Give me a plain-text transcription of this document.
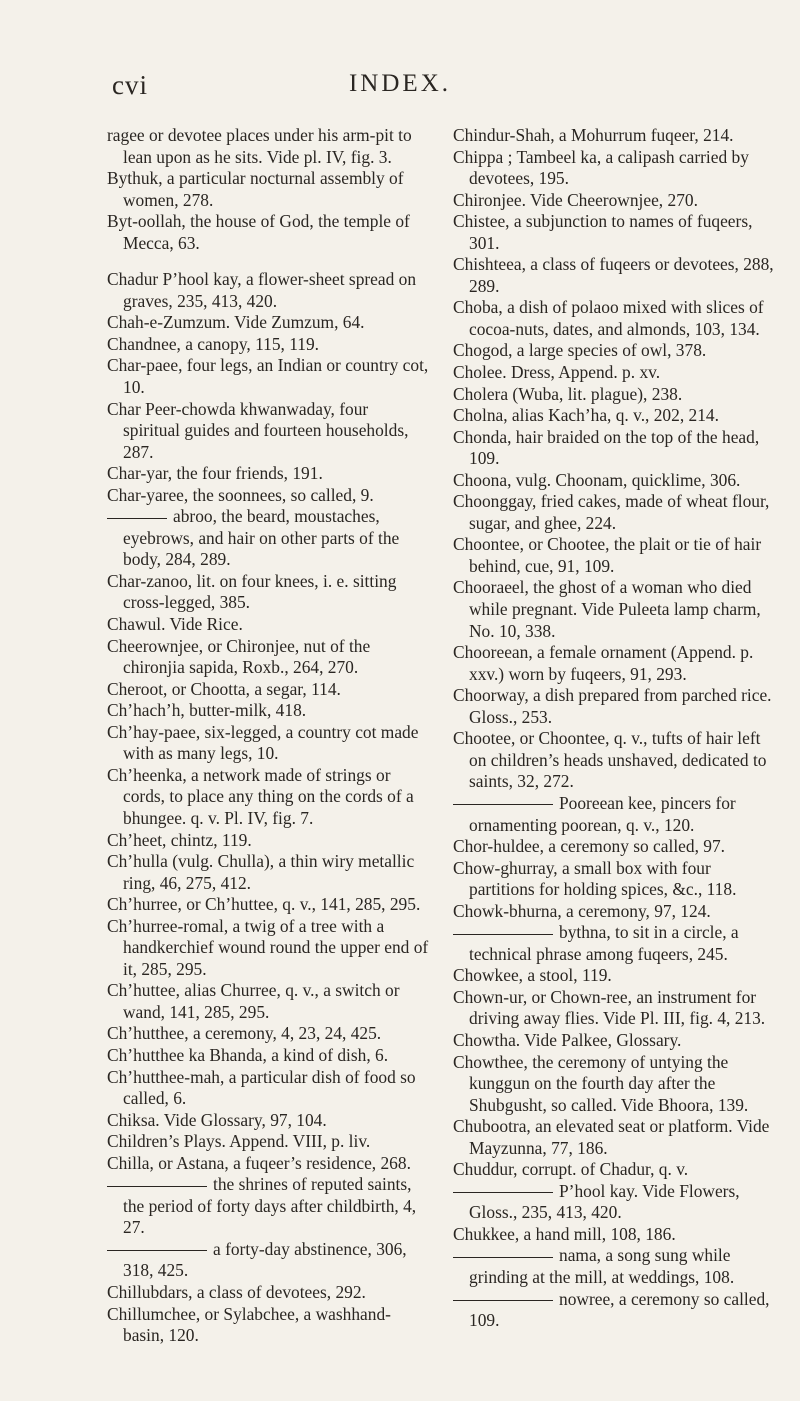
cvi	INDEX.

ragee or devotee places under his arm-pit to lean upon as he sits. Vide pl. IV, fig. 3.

Bythuk, a particular nocturnal assembly of women, 278.

Byt-oollah, the house of God, the temple of Mecca, 63.

Chadur P’hool kay, a flower-sheet spread on graves, 235, 413, 420.

Chah-e-Zumzum. Vide Zumzum, 64.

Chandnee, a canopy, 115, 119.

Char-paee, four legs, an Indian or country cot, 10.

Char Peer-chowda khwanwaday, four spiritual guides and fourteen households, 287.

Char-yar, the four friends, 191.

Char-yaree, the soonnees, so called, 9.

abroo, the beard, moustaches, eyebrows, and hair on other parts of the body, 284, 289.

Char-zanoo, lit. on four knees, i. e. sitting cross-legged, 385.

Chawul. Vide Rice.

Cheerownjee, or Chironjee, nut of the chironjia sapida, Roxb., 264, 270.

Cheroot, or Chootta, a segar, 114.

Ch’hach’h, butter-milk, 418.

Ch’hay-paee, six-legged, a country cot made with as many legs, 10.

Ch’heenka, a network made of strings or cords, to place any thing on the cords of a bhungee. q. v. Pl. IV, fig. 7.

Ch’heet, chintz, 119.

Ch’hulla (vulg. Chulla), a thin wiry metallic ring, 46, 275, 412.

Ch’hurree, or Ch’huttee, q. v., 141, 285, 295.

Ch’hurree-romal, a twig of a tree with a handkerchief wound round the upper end of it, 285, 295.

Ch’huttee, alias Churree, q. v., a switch or wand, 141, 285, 295.

Ch’hutthee, a ceremony, 4, 23, 24, 425.

Ch’hutthee ka Bhanda, a kind of dish, 6.

Ch’hutthee-mah, a particular dish of food so called, 6.

Chiksa. Vide Glossary, 97, 104.

Children’s Plays. Append. VIII, p. liv.

Chilla, or Astana, a fuqeer’s residence, 268.

the shrines of reputed saints, the period of forty days after childbirth, 4, 27.

a forty-day abstinence, 306, 318, 425.

Chillubdars, a class of devotees, 292.

Chillumchee, or Sylabchee, a washhand-basin, 120.

Chindur-Shah, a Mohurrum fuqeer, 214.

Chippa ; Tambeel ka, a calipash carried by devotees, 195.

Chironjee. Vide Cheerownjee, 270.

Chistee, a subjunction to names of fuqeers, 301.

Chishteea, a class of fuqeers or devotees, 288, 289.

Choba, a dish of polaoo mixed with slices of cocoa-nuts, dates, and almonds, 103, 134.

Chogod, a large species of owl, 378.

Cholee. Dress, Append. p. xv.

Cholera (Wuba, lit. plague), 238.

Cholna, alias Kach’ha, q. v., 202, 214.

Chonda, hair braided on the top of the head, 109.

Choona, vulg. Choonam, quicklime, 306.

Choonggay, fried cakes, made of wheat flour, sugar, and ghee, 224.

Choontee, or Chootee, the plait or tie of hair behind, cue, 91, 109.

Chooraeel, the ghost of a woman who died while pregnant. Vide Puleeta lamp charm, No. 10, 338.

Chooreean, a female ornament (Append. p. xxv.) worn by fuqeers, 91, 293.

Choorway, a dish prepared from parched rice. Gloss., 253.

Chootee, or Choontee, q. v., tufts of hair left on children’s heads unshaved, dedicated to saints, 32, 272.

Pooreean kee, pincers for ornamenting poorean, q. v., 120.

Chor-huldee, a ceremony so called, 97.

Chow-ghurray, a small box with four partitions for holding spices, &c., 118.

Chowk-bhurna, a ceremony, 97, 124.

bythna, to sit in a circle, a technical phrase among fuqeers, 245.

Chowkee, a stool, 119.

Chown-ur, or Chown-ree, an instrument for driving away flies. Vide Pl. III, fig. 4, 213.

Chowtha. Vide Palkee, Glossary.

Chowthee, the ceremony of untying the kunggun on the fourth day after the Shubgusht, so called. Vide Bhoora, 139.

Chubootra, an elevated seat or platform. Vide Mayzunna, 77, 186.

Chuddur, corrupt. of Chadur, q. v.

P’hool kay. Vide Flowers, Gloss., 235, 413, 420.

Chukkee, a hand mill, 108, 186.

nama, a song sung while grinding at the mill, at weddings, 108.

nowree, a ceremony so called, 109.
